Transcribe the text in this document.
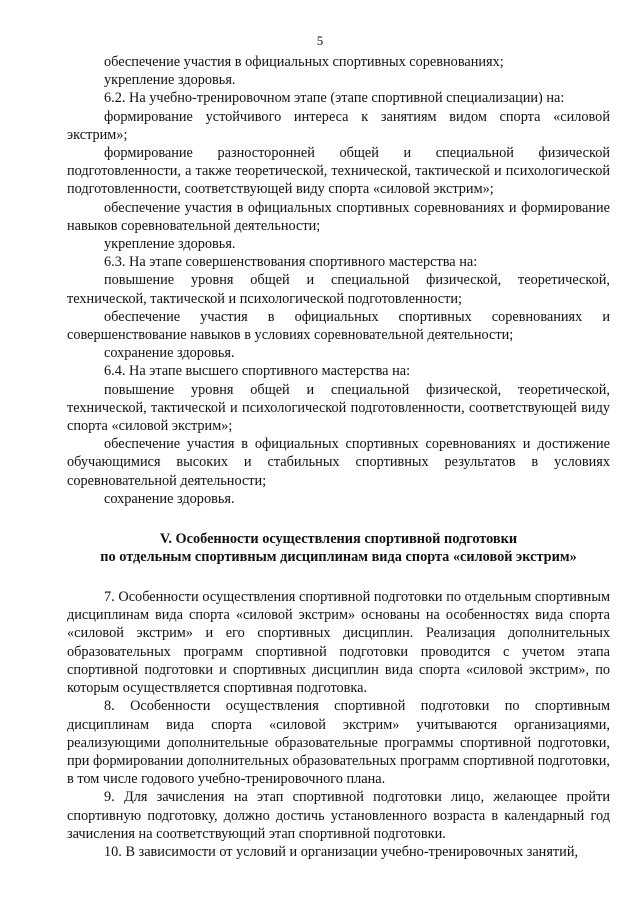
5

обеспечение участия в официальных спортивных соревнованиях;

укрепление здоровья.

6.2. На учебно-тренировочном этапе (этапе спортивной специализации) на:

формирование устойчивого интереса к занятиям видом спорта «силовой экстрим»;

формирование разносторонней общей и специальной физической подготовленности, а также теоретической, технической, тактической и психологической подготовленности, соответствующей виду спорта «силовой экстрим»;

обеспечение участия в официальных спортивных соревнованиях и формирование навыков соревновательной деятельности;

укрепление здоровья.

6.3. На этапе совершенствования спортивного мастерства на:

повышение уровня общей и специальной физической, теоретической, технической, тактической и психологической подготовленности;

обеспечение участия в официальных спортивных соревнованиях и совершенствование навыков в условиях соревновательной деятельности;

сохранение здоровья.

6.4. На этапе высшего спортивного мастерства на:

повышение уровня общей и специальной физической, теоретической, технической, тактической и психологической подготовленности, соответствующей виду спорта «силовой экстрим»;

обеспечение участия в официальных спортивных соревнованиях и достижение обучающимися высоких и стабильных спортивных результатов в условиях соревновательной деятельности;

сохранение здоровья.

V. Особенности осуществления спортивной подготовки
по отдельным спортивным дисциплинам вида спорта «силовой экстрим»

7. Особенности осуществления спортивной подготовки по отдельным спортивным дисциплинам вида спорта «силовой экстрим» основаны на особенностях вида спорта «силовой экстрим» и его спортивных дисциплин. Реализация дополнительных образовательных программ спортивной подготовки проводится с учетом этапа спортивной подготовки и спортивных дисциплин вида спорта «силовой экстрим», по которым осуществляется спортивная подготовка.

8. Особенности осуществления спортивной подготовки по спортивным дисциплинам вида спорта «силовой экстрим» учитываются организациями, реализующими дополнительные образовательные программы спортивной подготовки, при формировании дополнительных образовательных программ спортивной подготовки, в том числе годового учебно-тренировочного плана.

9. Для зачисления на этап спортивной подготовки лицо, желающее пройти спортивную подготовку, должно достичь установленного возраста в календарный год зачисления на соответствующий этап спортивной подготовки.

10. В зависимости от условий и организации учебно-тренировочных занятий,
